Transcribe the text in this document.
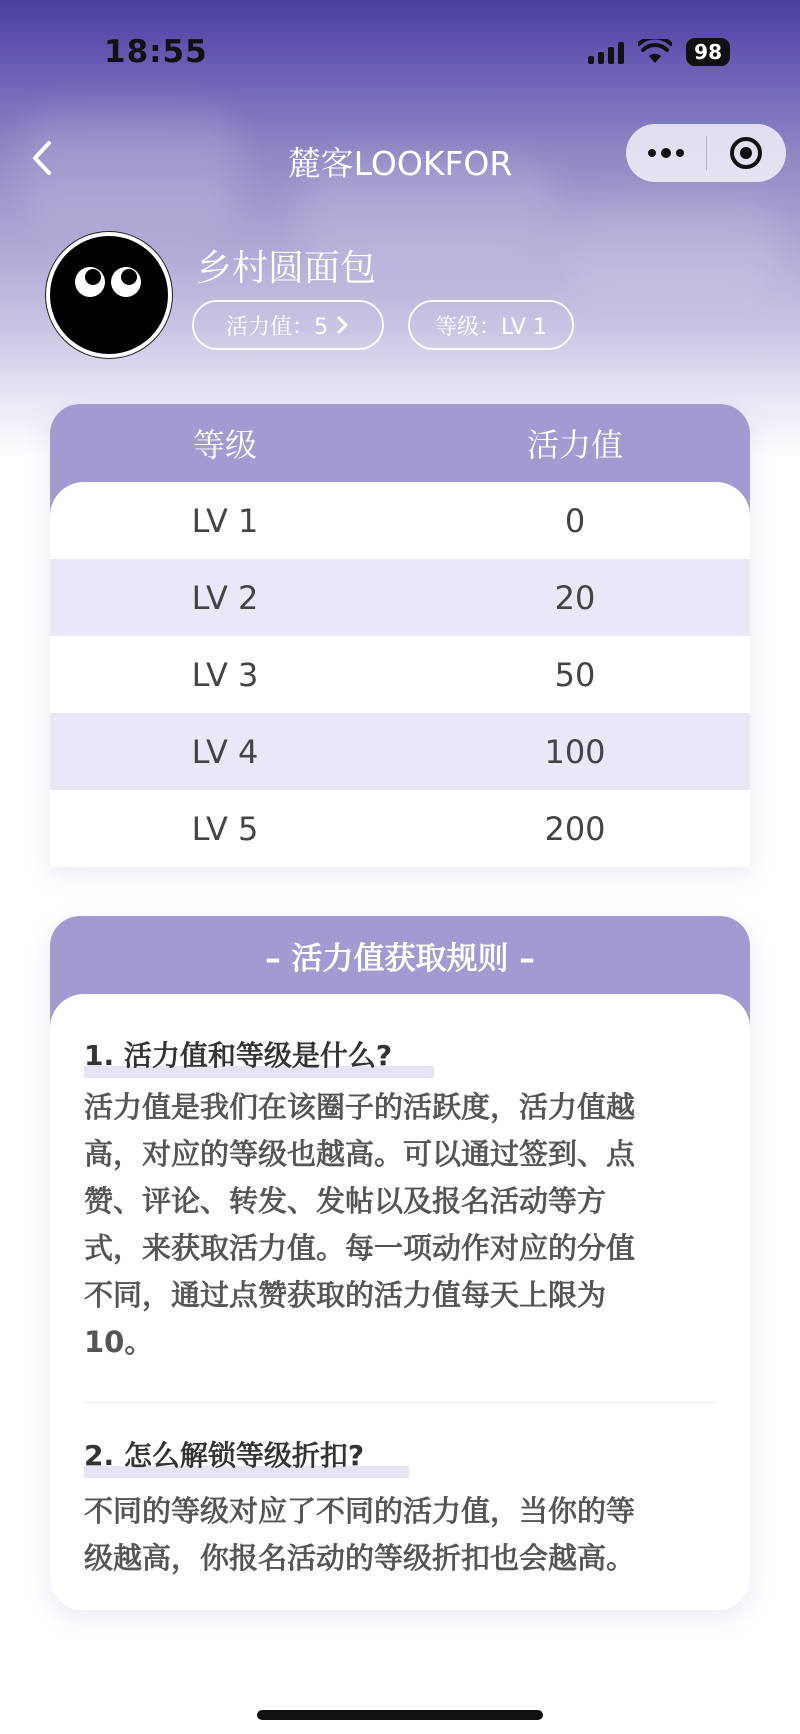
18:55	98
麓客LOOKFOR
乡村圆面包
活力值：5	等级：LV 1
等级	活力值
LV 1	0
LV 2	20
LV 3	50
LV 4	100
LV 5	200
– 活力值获取规则 –
1. 活力值和等级是什么?
活力值是我们在该圈子的活跃度，活力值越
高，对应的等级也越高。可以通过签到、点
赞、评论、转发、发帖以及报名活动等方
式，来获取活力值。每一项动作对应的分值
不同，通过点赞获取的活力值每天上限为
10。
2. 怎么解锁等级折扣?
不同的等级对应了不同的活力值，当你的等
级越高，你报名活动的等级折扣也会越高。
